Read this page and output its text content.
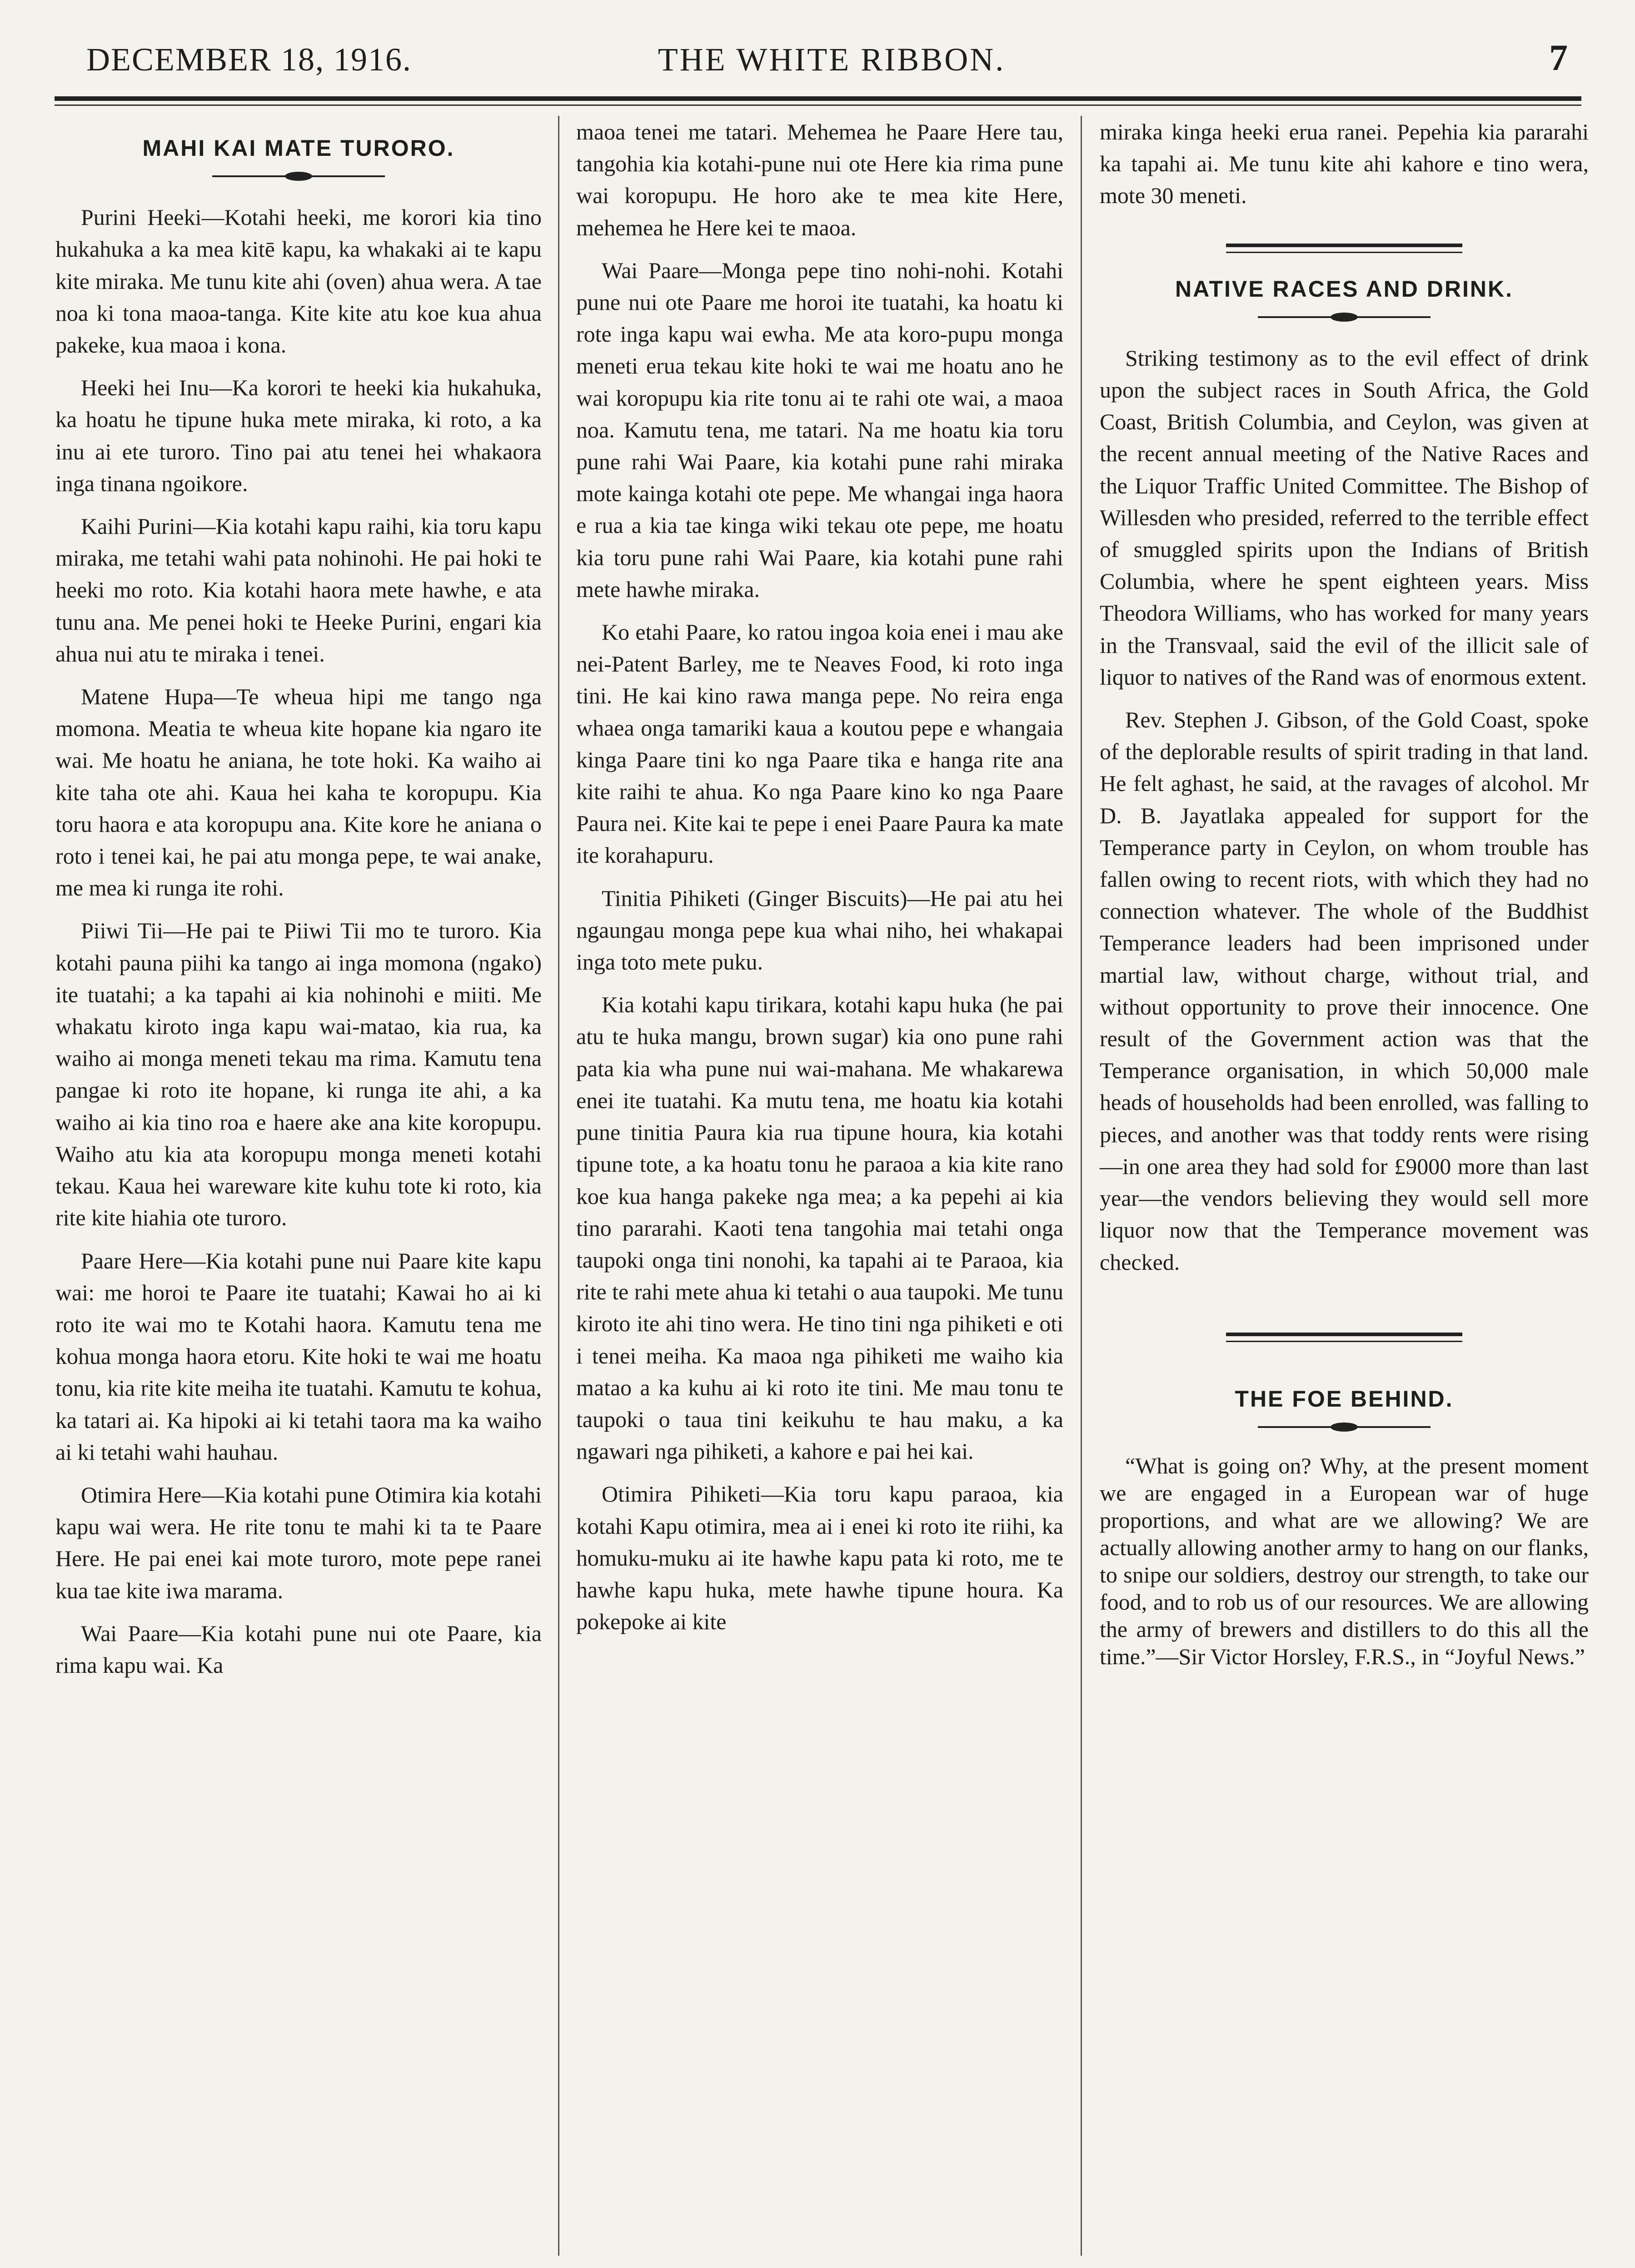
DECEMBER 18, 1916.	THE WHITE RIBBON.	7
MAHI KAI MATE TURORO.

Purini Heeki—Kotahi heeki, me korori kia tino hukahuka a ka mea kitē kapu, ka whakaki ai te kapu kite miraka. Me tunu kite ahi (oven) ahua wera. A tae noa ki tona maoa-tanga. Kite kite atu koe kua ahua pakeke, kua maoa i kona.

Heeki hei Inu—Ka korori te heeki kia hukahuka, ka hoatu he tipune huka mete miraka, ki roto, a ka inu ai ete turoro. Tino pai atu tenei hei whakaora inga tinana ngoikore.

Kaihi Purini—Kia kotahi kapu raihi, kia toru kapu miraka, me tetahi wahi pata nohinohi. He pai hoki te heeki mo roto. Kia kotahi haora mete hawhe, e ata tunu ana. Me penei hoki te Heeke Purini, engari kia ahua nui atu te miraka i tenei.

Matene Hupa—Te wheua hipi me tango nga momona. Meatia te wheua kite hopane kia ngaro ite wai. Me hoatu he aniana, he tote hoki. Ka waiho ai kite taha ote ahi. Kaua hei kaha te koropupu. Kia toru haora e ata koropupu ana. Kite kore he aniana o roto i tenei kai, he pai atu monga pepe, te wai anake, me mea ki runga ite rohi.

Piiwi Tii—He pai te Piiwi Tii mo te turoro. Kia kotahi pauna piihi ka tango ai inga momona (ngako) ite tuatahi; a ka tapahi ai kia nohinohi e miiti. Me whakatu kiroto inga kapu wai-matao, kia rua, ka waiho ai monga meneti tekau ma rima. Kamutu tena pangae ki roto ite hopane, ki runga ite ahi, a ka waiho ai kia tino roa e haere ake ana kite koropupu. Waiho atu kia ata koropupu monga meneti kotahi tekau. Kaua hei wareware kite kuhu tote ki roto, kia rite kite hiahia ote turoro.

Paare Here—Kia kotahi pune nui Paare kite kapu wai: me horoi te Paare ite tuatahi; Kawai ho ai ki roto ite wai mo te Kotahi haora. Kamutu tena me kohua monga haora etoru. Kite hoki te wai me hoatu tonu, kia rite kite meiha ite tuatahi. Kamutu te kohua, ka tatari ai. Ka hipoki ai ki tetahi taora ma ka waiho ai ki tetahi wahi hauhau.

Otimira Here—Kia kotahi pune Otimira kia kotahi kapu wai wera. He rite tonu te mahi ki ta te Paare Here. He pai enei kai mote turoro, mote pepe ranei kua tae kite iwa marama.

Wai Paare—Kia kotahi pune nui ote Paare, kia rima kapu wai. Ka

maoa tenei me tatari. Mehemea he Paare Here tau, tangohia kia kotahi-pune nui ote Here kia rima pune wai koropupu. He horo ake te mea kite Here, mehemea he Here kei te maoa.

Wai Paare—Monga pepe tino nohi-nohi. Kotahi pune nui ote Paare me horoi ite tuatahi, ka hoatu ki rote inga kapu wai ewha. Me ata koro-pupu monga meneti erua tekau kite hoki te wai me hoatu ano he wai koropupu kia rite tonu ai te rahi ote wai, a maoa noa. Kamutu tena, me tatari. Na me hoatu kia toru pune rahi Wai Paare, kia kotahi pune rahi miraka mote kainga kotahi ote pepe. Me whangai inga haora e rua a kia tae kinga wiki tekau ote pepe, me hoatu kia toru pune rahi Wai Paare, kia kotahi pune rahi mete hawhe miraka.

Ko etahi Paare, ko ratou ingoa koia enei i mau ake nei-Patent Barley, me te Neaves Food, ki roto inga tini. He kai kino rawa manga pepe. No reira enga whaea onga tamariki kaua a koutou pepe e whangaia kinga Paare tini ko nga Paare tika e hanga rite ana kite raihi te ahua. Ko nga Paare kino ko nga Paare Paura nei. Kite kai te pepe i enei Paare Paura ka mate ite korahapuru.

Tinitia Pihiketi (Ginger Biscuits)—He pai atu hei ngaungau monga pepe kua whai niho, hei whakapai inga toto mete puku.

Kia kotahi kapu tirikara, kotahi kapu huka (he pai atu te huka mangu, brown sugar) kia ono pune rahi pata kia wha pune nui wai-mahana. Me whakarewa enei ite tuatahi. Ka mutu tena, me hoatu kia kotahi pune tinitia Paura kia rua tipune houra, kia kotahi tipune tote, a ka hoatu tonu he paraoa a kia kite rano koe kua hanga pakeke nga mea; a ka pepehi ai kia tino pararahi. Kaoti tena tangohia mai tetahi onga taupoki onga tini nonohi, ka tapahi ai te Paraoa, kia rite te rahi mete ahua ki tetahi o aua taupoki. Me tunu kiroto ite ahi tino wera. He tino tini nga pihiketi e oti i tenei meiha. Ka maoa nga pihiketi me waiho kia matao a ka kuhu ai ki roto ite tini. Me mau tonu te taupoki o taua tini keikuhu te hau maku, a ka ngawari nga pihiketi, a kahore e pai hei kai.

Otimira Pihiketi—Kia toru kapu paraoa, kia kotahi Kapu otimira, mea ai i enei ki roto ite riihi, ka homuku-muku ai ite hawhe kapu pata ki roto, me te hawhe kapu huka, mete hawhe tipune houra. Ka pokepoke ai kite

miraka kinga heeki erua ranei. Pepehia kia pararahi ka tapahi ai. Me tunu kite ahi kahore e tino wera, mote 30 meneti.

NATIVE RACES AND DRINK.

Striking testimony as to the evil effect of drink upon the subject races in South Africa, the Gold Coast, British Columbia, and Ceylon, was given at the recent annual meeting of the Native Races and the Liquor Traffic United Committee. The Bishop of Willesden who presided, referred to the terrible effect of smuggled spirits upon the Indians of British Columbia, where he spent eighteen years. Miss Theodora Williams, who has worked for many years in the Transvaal, said the evil of the illicit sale of liquor to natives of the Rand was of enormous extent.

Rev. Stephen J. Gibson, of the Gold Coast, spoke of the deplorable results of spirit trading in that land. He felt aghast, he said, at the ravages of alcohol. Mr D. B. Jayatlaka appealed for support for the Temperance party in Ceylon, on whom trouble has fallen owing to recent riots, with which they had no connection whatever. The whole of the Buddhist Temperance leaders had been imprisoned under martial law, without charge, without trial, and without opportunity to prove their innocence. One result of the Government action was that the Temperance organisation, in which 50,000 male heads of households had been enrolled, was falling to pieces, and another was that toddy rents were rising—in one area they had sold for £9000 more than last year—the vendors believing they would sell more liquor now that the Temperance movement was checked.

THE FOE BEHIND.

“What is going on? Why, at the present moment we are engaged in a European war of huge proportions, and what are we allowing? We are actually allowing another army to hang on our flanks, to snipe our soldiers, destroy our strength, to take our food, and to rob us of our resources. We are allowing the army of brewers and distillers to do this all the time.”—Sir Victor Horsley, F.R.S., in “Joyful News.”
